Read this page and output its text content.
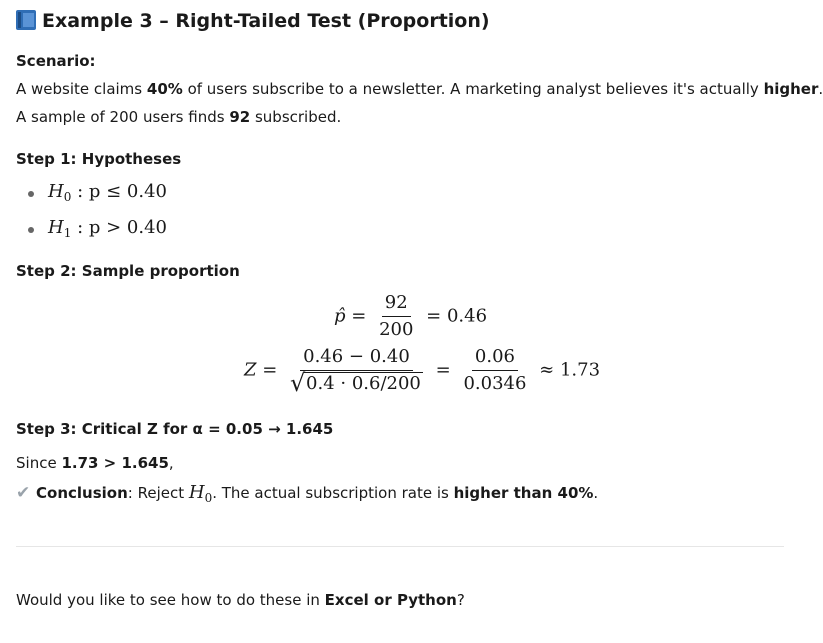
Example 3 – Right-Tailed Test (Proportion)
Scenario:
A website claims 40% of users subscribe to a newsletter. A marketing analyst believes it's actually higher.
A sample of 200 users finds 92 subscribed.
Step 1: Hypotheses
$H_0$ : p ≤ 0.40
$H_1$ : p > 0.40
Step 2: Sample proportion
p̂ = $\frac{92}{200} = 0.46$
$Z = \frac{0.46 - 0.40}{√ 0.4 \cdot 0.6/200} = \frac{0.06}{0.0346} \approx 1.73$
Step 3: Critical Z for α = 0.05 → 1.645
Since 1.73 > 1.645,
✔ Conclusion: Reject $H_0$. The actual subscription rate is higher than 40%.
Would you like to see how to do these in Excel or Python?
